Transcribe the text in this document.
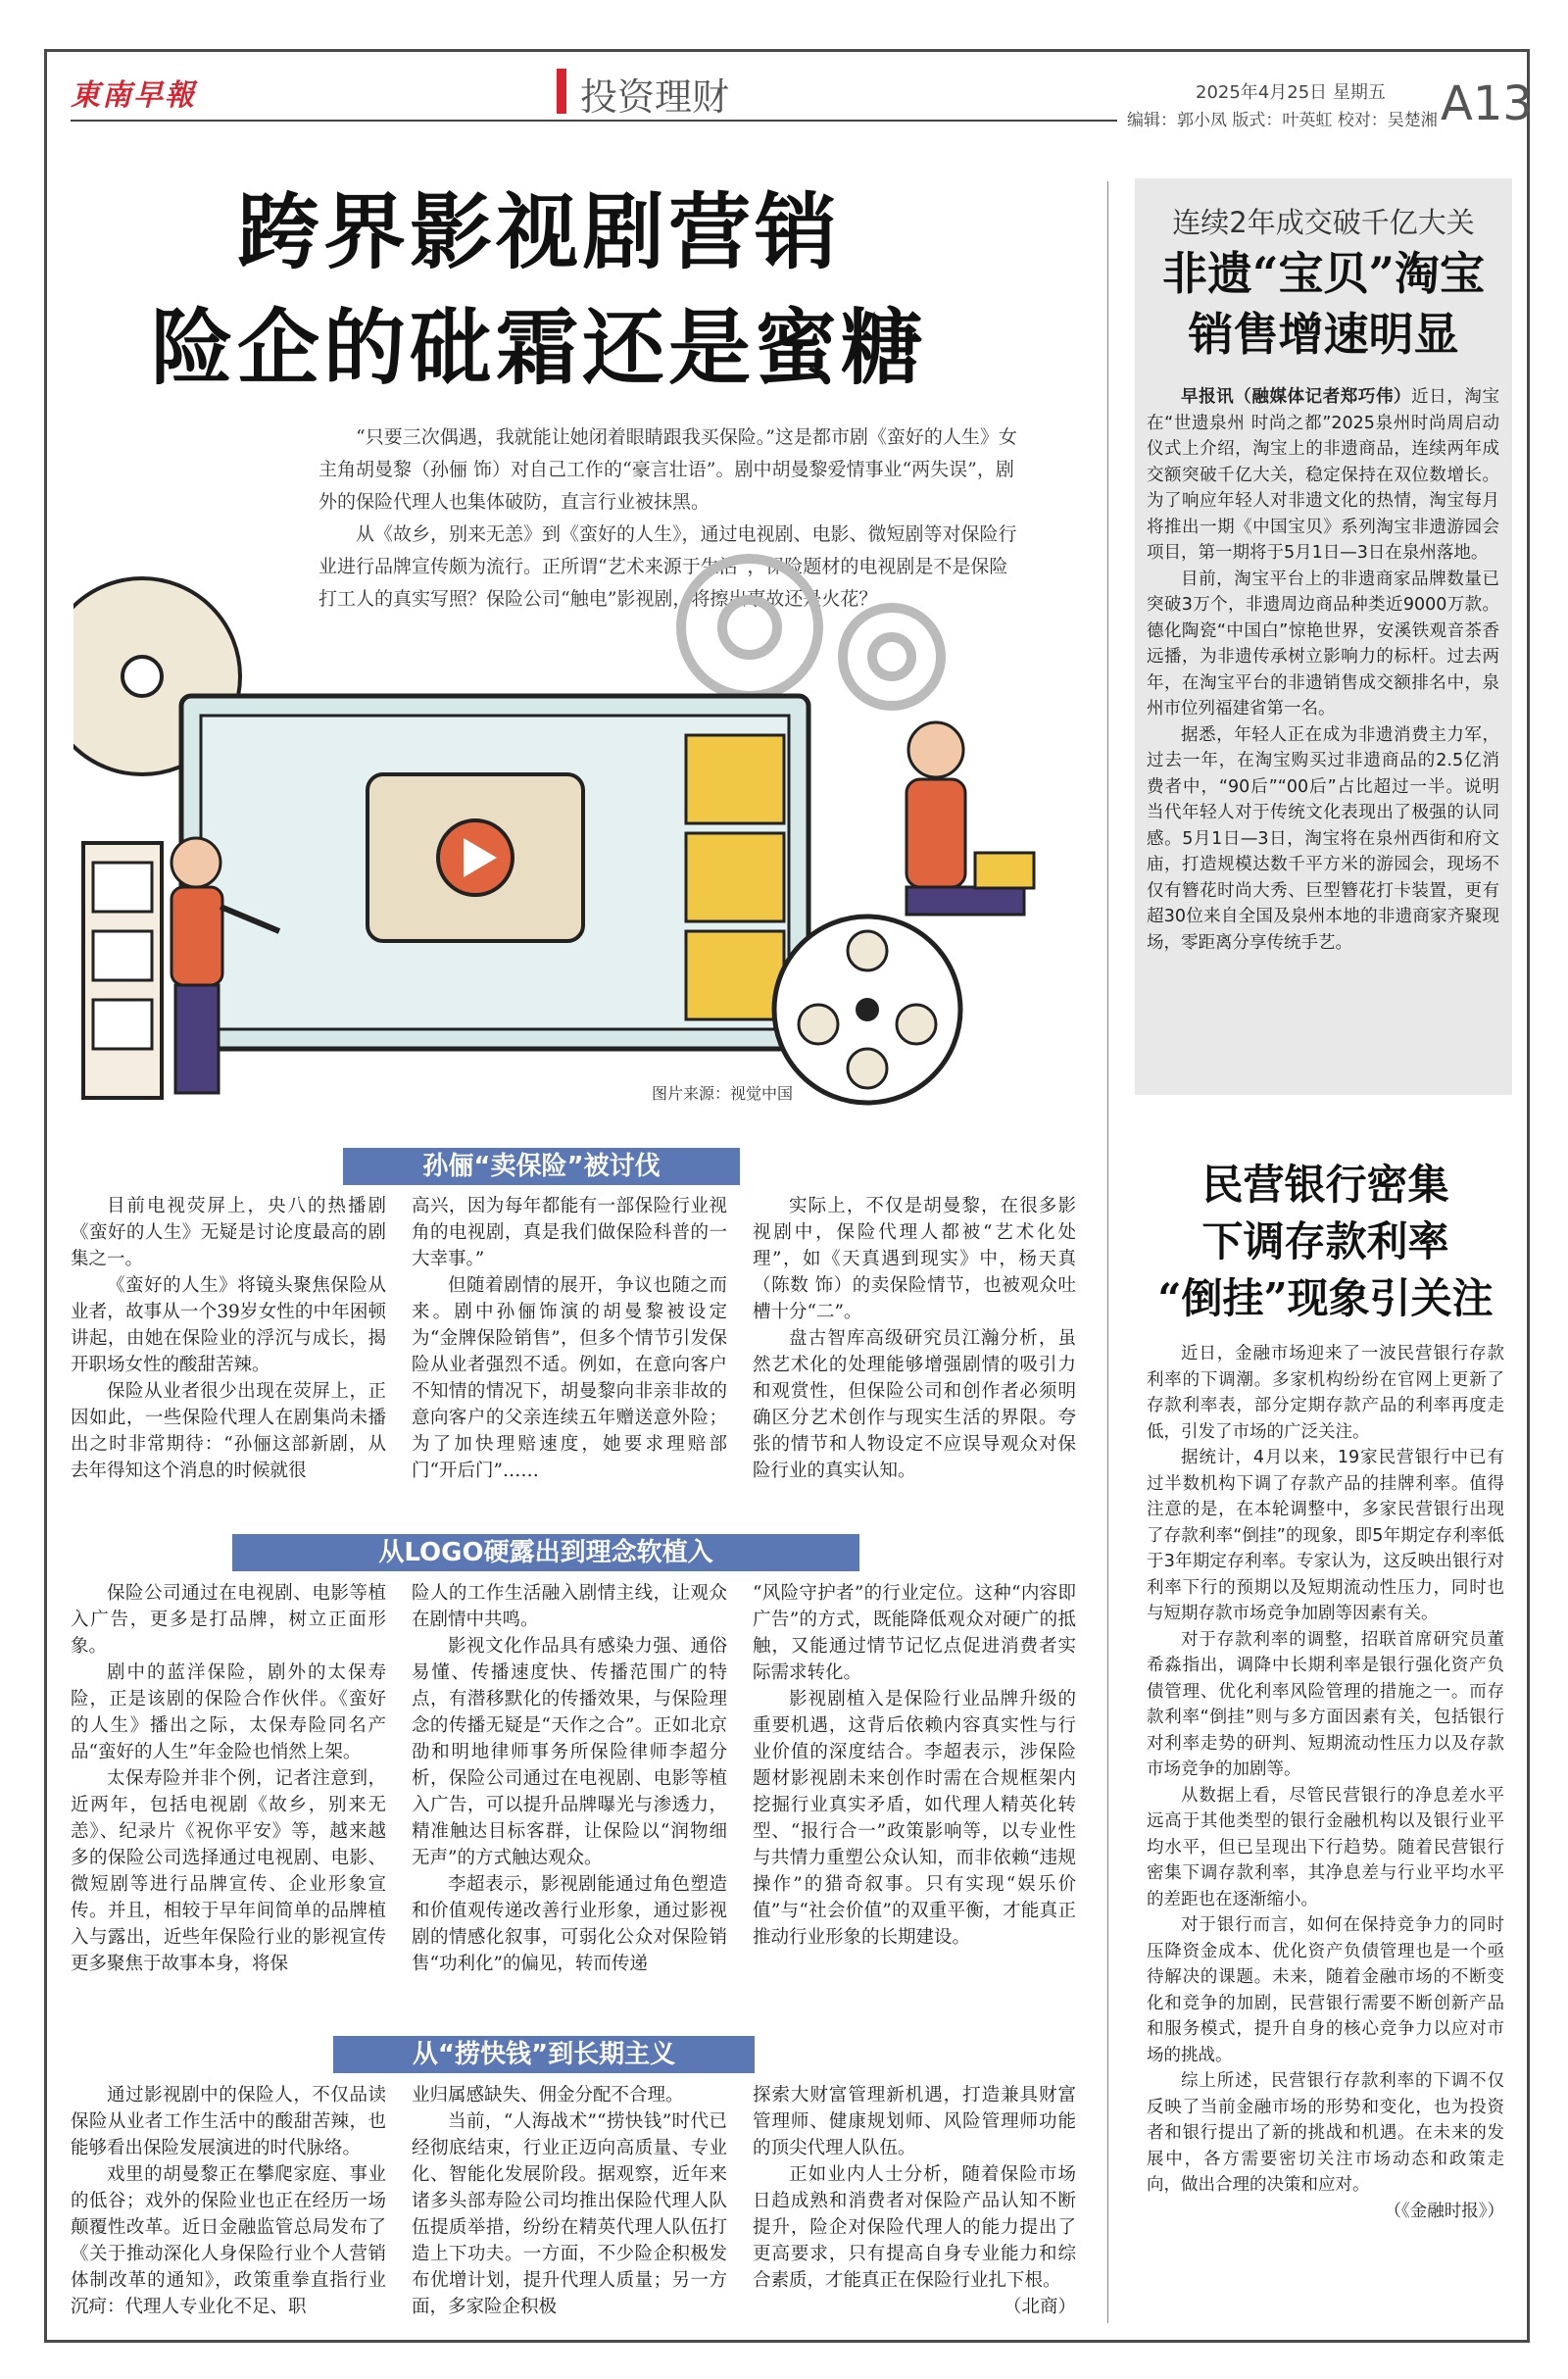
東南早報	投资理财	2025年4月25日 星期五
编辑：郭小凤 版式：叶英虹 校对：吴楚湘 A13
跨界影视剧营销
险企的砒霜还是蜜糖

“只要三次偶遇，我就能让她闭着眼睛跟我买保险。”这是都市剧《蛮好的人生》女主角胡曼黎（孙俪 饰）对自己工作的“豪言壮语”。剧中胡曼黎爱情事业“两失误”，剧外的保险代理人也集体破防，直言行业被抹黑。

从《故乡，别来无恙》到《蛮好的人生》，通过电视剧、电影、微短剧等对保险行业进行品牌宣传颇为流行。正所谓“艺术来源于生活”，保险题材的电视剧是不是保险打工人的真实写照？保险公司“触电”影视剧，将擦出事故还是火花？

图片来源：视觉中国
孙俪“卖保险”被讨伐

目前电视荧屏上，央八的热播剧《蛮好的人生》无疑是讨论度最高的剧集之一。

《蛮好的人生》将镜头聚焦保险从业者，故事从一个39岁女性的中年困顿讲起，由她在保险业的浮沉与成长，揭开职场女性的酸甜苦辣。

保险从业者很少出现在荧屏上，正因如此，一些保险代理人在剧集尚未播出之时非常期待：“孙俪这部新剧，从去年得知这个消息的时候就很

高兴，因为每年都能有一部保险行业视角的电视剧，真是我们做保险科普的一大幸事。”

但随着剧情的展开，争议也随之而来。剧中孙俪饰演的胡曼黎被设定为“金牌保险销售”，但多个情节引发保险从业者强烈不适。例如，在意向客户不知情的情况下，胡曼黎向非亲非故的意向客户的父亲连续五年赠送意外险；为了加快理赔速度，她要求理赔部门“开后门”……

实际上，不仅是胡曼黎，在很多影视剧中，保险代理人都被“艺术化处理”，如《天真遇到现实》中，杨天真（陈数 饰）的卖保险情节，也被观众吐槽十分“二”。

盘古智库高级研究员江瀚分析，虽然艺术化的处理能够增强剧情的吸引力和观赏性，但保险公司和创作者必须明确区分艺术创作与现实生活的界限。夸张的情节和人物设定不应误导观众对保险行业的真实认知。

从LOGO硬露出到理念软植入

保险公司通过在电视剧、电影等植入广告，更多是打品牌，树立正面形象。

剧中的蓝洋保险，剧外的太保寿险，正是该剧的保险合作伙伴。《蛮好的人生》播出之际，太保寿险同名产品“蛮好的人生”年金险也悄然上架。

太保寿险并非个例，记者注意到，近两年，包括电视剧《故乡，别来无恙》、纪录片《祝你平安》等，越来越多的保险公司选择通过电视剧、电影、微短剧等进行品牌宣传、企业形象宣传。并且，相较于早年间简单的品牌植入与露出，近些年保险行业的影视宣传更多聚焦于故事本身，将保

险人的工作生活融入剧情主线，让观众在剧情中共鸣。

影视文化作品具有感染力强、通俗易懂、传播速度快、传播范围广的特点，有潜移默化的传播效果，与保险理念的传播无疑是“天作之合”。正如北京劭和明地律师事务所保险律师李超分析，保险公司通过在电视剧、电影等植入广告，可以提升品牌曝光与渗透力，精准触达目标客群，让保险以“润物细无声”的方式触达观众。

李超表示，影视剧能通过角色塑造和价值观传递改善行业形象，通过影视剧的情感化叙事，可弱化公众对保险销售“功利化”的偏见，转而传递

“风险守护者”的行业定位。这种“内容即广告”的方式，既能降低观众对硬广的抵触，又能通过情节记忆点促进消费者实际需求转化。

影视剧植入是保险行业品牌升级的重要机遇，这背后依赖内容真实性与行业价值的深度结合。李超表示，涉保险题材影视剧未来创作时需在合规框架内挖掘行业真实矛盾，如代理人精英化转型、“报行合一”政策影响等，以专业性与共情力重塑公众认知，而非依赖“违规操作”的猎奇叙事。只有实现“娱乐价值”与“社会价值”的双重平衡，才能真正推动行业形象的长期建设。

从“捞快钱”到长期主义

通过影视剧中的保险人，不仅品读保险从业者工作生活中的酸甜苦辣，也能够看出保险发展演进的时代脉络。

戏里的胡曼黎正在攀爬家庭、事业的低谷；戏外的保险业也正在经历一场颠覆性改革。近日金融监管总局发布了《关于推动深化人身保险行业个人营销体制改革的通知》，政策重拳直指行业沉疴：代理人专业化不足、职

业归属感缺失、佣金分配不合理。

当前，“人海战术”“捞快钱”时代已经彻底结束，行业正迈向高质量、专业化、智能化发展阶段。据观察，近年来诸多头部寿险公司均推出保险代理人队伍提质举措，纷纷在精英代理人队伍打造上下功夫。一方面，不少险企积极发布优增计划，提升代理人质量；另一方面，多家险企积极

探索大财富管理新机遇，打造兼具财富管理师、健康规划师、风险管理师功能的顶尖代理人队伍。

正如业内人士分析，随着保险市场日趋成熟和消费者对保险产品认知不断提升，险企对保险代理人的能力提出了更高要求，只有提高自身专业能力和综合素质，才能真正在保险行业扎下根。

（北商）
连续2年成交破千亿大关
非遗“宝贝”淘宝
销售增速明显

早报讯（融媒体记者郑巧伟）近日，淘宝在“世遗泉州 时尚之都”2025泉州时尚周启动仪式上介绍，淘宝上的非遗商品，连续两年成交额突破千亿大关，稳定保持在双位数增长。为了响应年轻人对非遗文化的热情，淘宝每月将推出一期《中国宝贝》系列淘宝非遗游园会项目，第一期将于5月1日—3日在泉州落地。

目前，淘宝平台上的非遗商家品牌数量已突破3万个，非遗周边商品种类近9000万款。德化陶瓷“中国白”惊艳世界，安溪铁观音茶香远播，为非遗传承树立影响力的标杆。过去两年，在淘宝平台的非遗销售成交额排名中，泉州市位列福建省第一名。

据悉，年轻人正在成为非遗消费主力军，过去一年，在淘宝购买过非遗商品的2.5亿消费者中，“90后”“00后”占比超过一半。说明当代年轻人对于传统文化表现出了极强的认同感。5月1日—3日，淘宝将在泉州西街和府文庙，打造规模达数千平方米的游园会，现场不仅有簪花时尚大秀、巨型簪花打卡装置，更有超30位来自全国及泉州本地的非遗商家齐聚现场，零距离分享传统手艺。

民营银行密集
下调存款利率
“倒挂”现象引关注

近日，金融市场迎来了一波民营银行存款利率的下调潮。多家机构纷纷在官网上更新了存款利率表，部分定期存款产品的利率再度走低，引发了市场的广泛关注。

据统计，4月以来，19家民营银行中已有过半数机构下调了存款产品的挂牌利率。值得注意的是，在本轮调整中，多家民营银行出现了存款利率“倒挂”的现象，即5年期定存利率低于3年期定存利率。专家认为，这反映出银行对利率下行的预期以及短期流动性压力，同时也与短期存款市场竞争加剧等因素有关。

对于存款利率的调整，招联首席研究员董希淼指出，调降中长期利率是银行强化资产负债管理、优化利率风险管理的措施之一。而存款利率“倒挂”则与多方面因素有关，包括银行对利率走势的研判、短期流动性压力以及存款市场竞争的加剧等。

从数据上看，尽管民营银行的净息差水平远高于其他类型的银行金融机构以及银行业平均水平，但已呈现出下行趋势。随着民营银行密集下调存款利率，其净息差与行业平均水平的差距也在逐渐缩小。

对于银行而言，如何在保持竞争力的同时压降资金成本、优化资产负债管理也是一个亟待解决的课题。未来，随着金融市场的不断变化和竞争的加剧，民营银行需要不断创新产品和服务模式，提升自身的核心竞争力以应对市场的挑战。

综上所述，民营银行存款利率的下调不仅反映了当前金融市场的形势和变化，也为投资者和银行提出了新的挑战和机遇。在未来的发展中，各方需要密切关注市场动态和政策走向，做出合理的决策和应对。

（《金融时报》）
